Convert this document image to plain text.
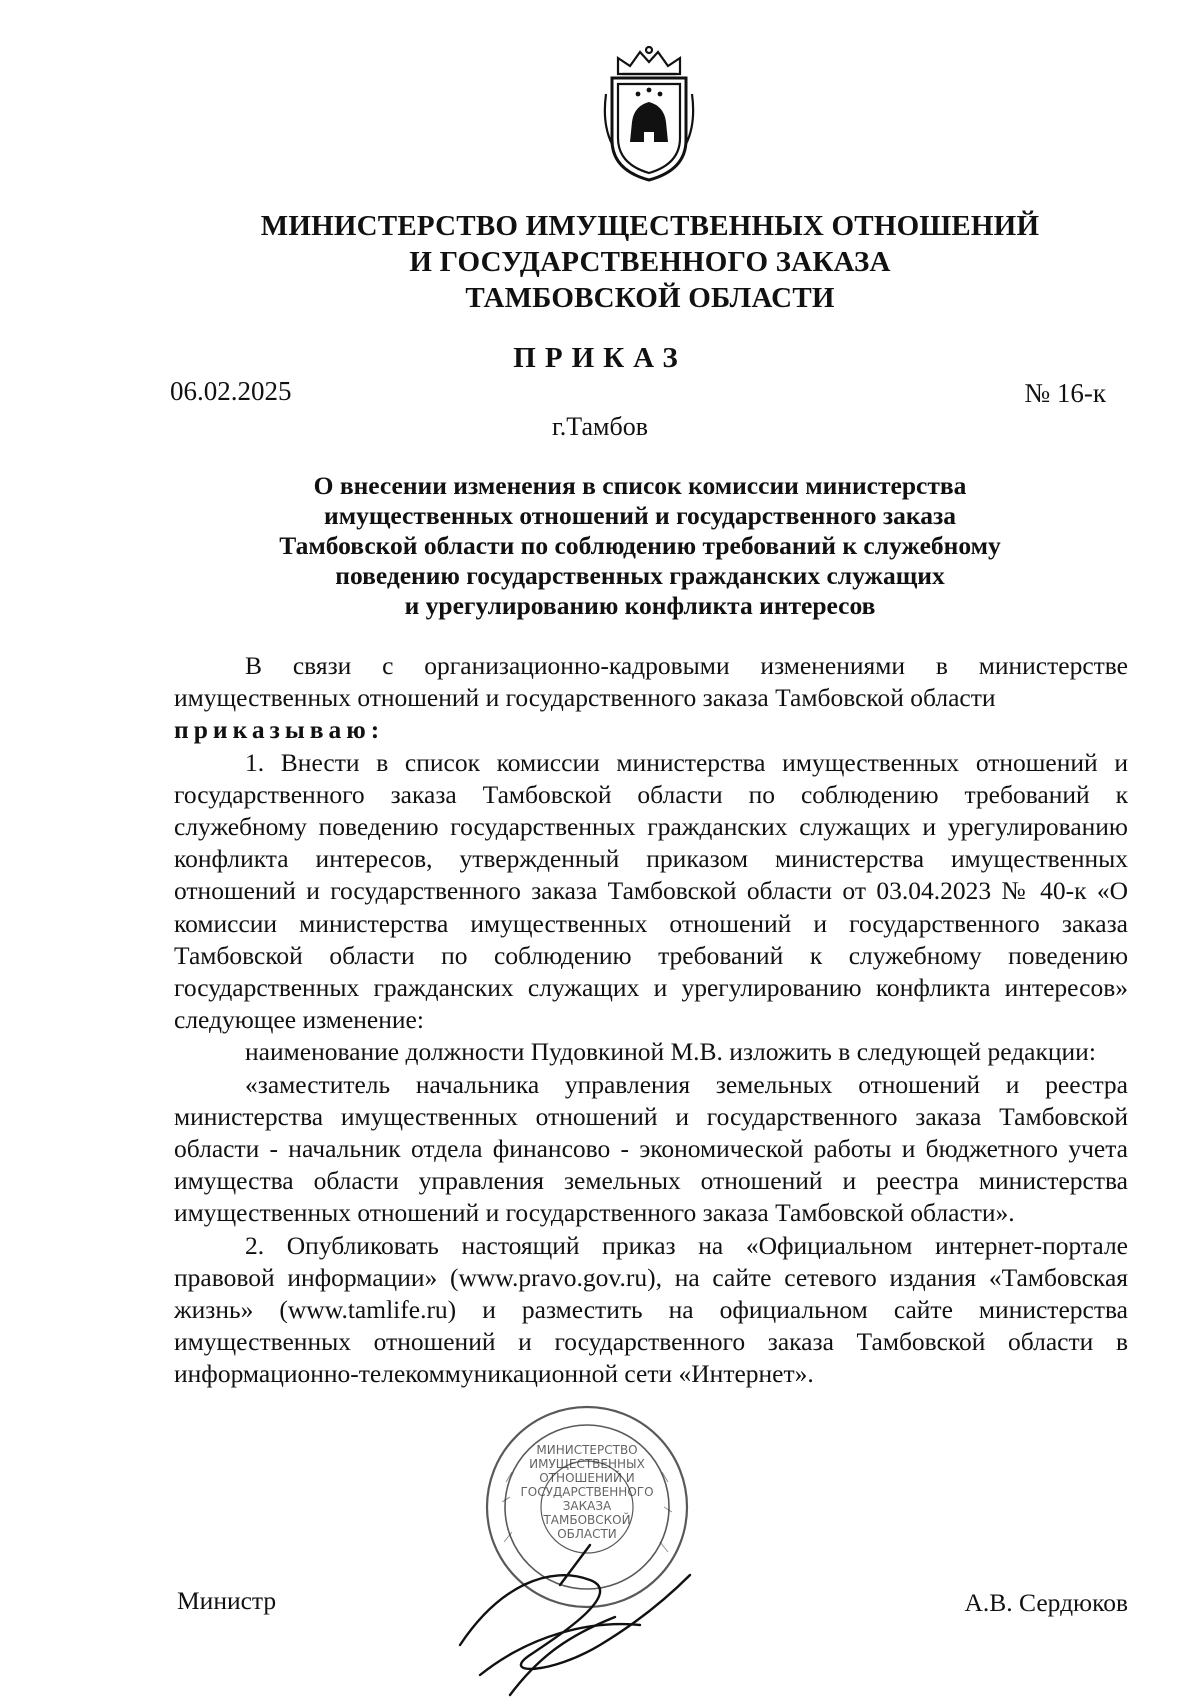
МИНИСТЕРСТВО ИМУЩЕСТВЕННЫХ ОТНОШЕНИЙ
И ГОСУДАРСТВЕННОГО ЗАКАЗА
ТАМБОВСКОЙ ОБЛАСТИ
ПРИКАЗ
06.02.2025	№ 16-к
г.Тамбов
О внесении изменения в список комиссии министерства
имущественных отношений и государственного заказа
Тамбовской области по соблюдению требований к служебному
поведению государственных гражданских служащих
и урегулированию конфликта интересов

В связи с организационно-кадровыми изменениями в министерстве имущественных отношений и государственного заказа Тамбовской области

приказываю:

1. Внести в список комиссии министерства имущественных отношений и государственного заказа Тамбовской области по соблюдению требований к служебному поведению государственных гражданских служащих и урегулированию конфликта интересов, утвержденный приказом министерства имущественных отношений и государственного заказа Тамбовской области от 03.04.2023 № 40-к «О комиссии министерства имущественных отношений и государственного заказа Тамбовской области по соблюдению требований к служебному поведению государственных гражданских служащих и урегулированию конфликта интересов» следующее изменение:

наименование должности Пудовкиной М.В. изложить в следующей редакции:

«заместитель начальника управления земельных отношений и реестра министерства имущественных отношений и государственного заказа Тамбовской области - начальник отдела финансово - экономической работы и бюджетного учета имущества области управления земельных отношений и реестра министерства имущественных отношений и государственного заказа Тамбовской области».

2. Опубликовать настоящий приказ на «Официальном интернет-портале правовой информации» (www.pravo.gov.ru), на сайте сетевого издания «Тамбовская жизнь» (www.tamlife.ru) и разместить на официальном сайте министерства имущественных отношений и государственного заказа Тамбовской области в информационно-телекоммуникационной сети «Интернет».

Министр	А.В. Сердюков
МИНИСТЕРСТВО
ИМУЩЕСТВЕННЫХ
ОТНОШЕНИЙ И
ГОСУДАРСТВЕННОГО
ЗАКАЗА
ТАМБОВСКОЙ
ОБЛАСТИ
